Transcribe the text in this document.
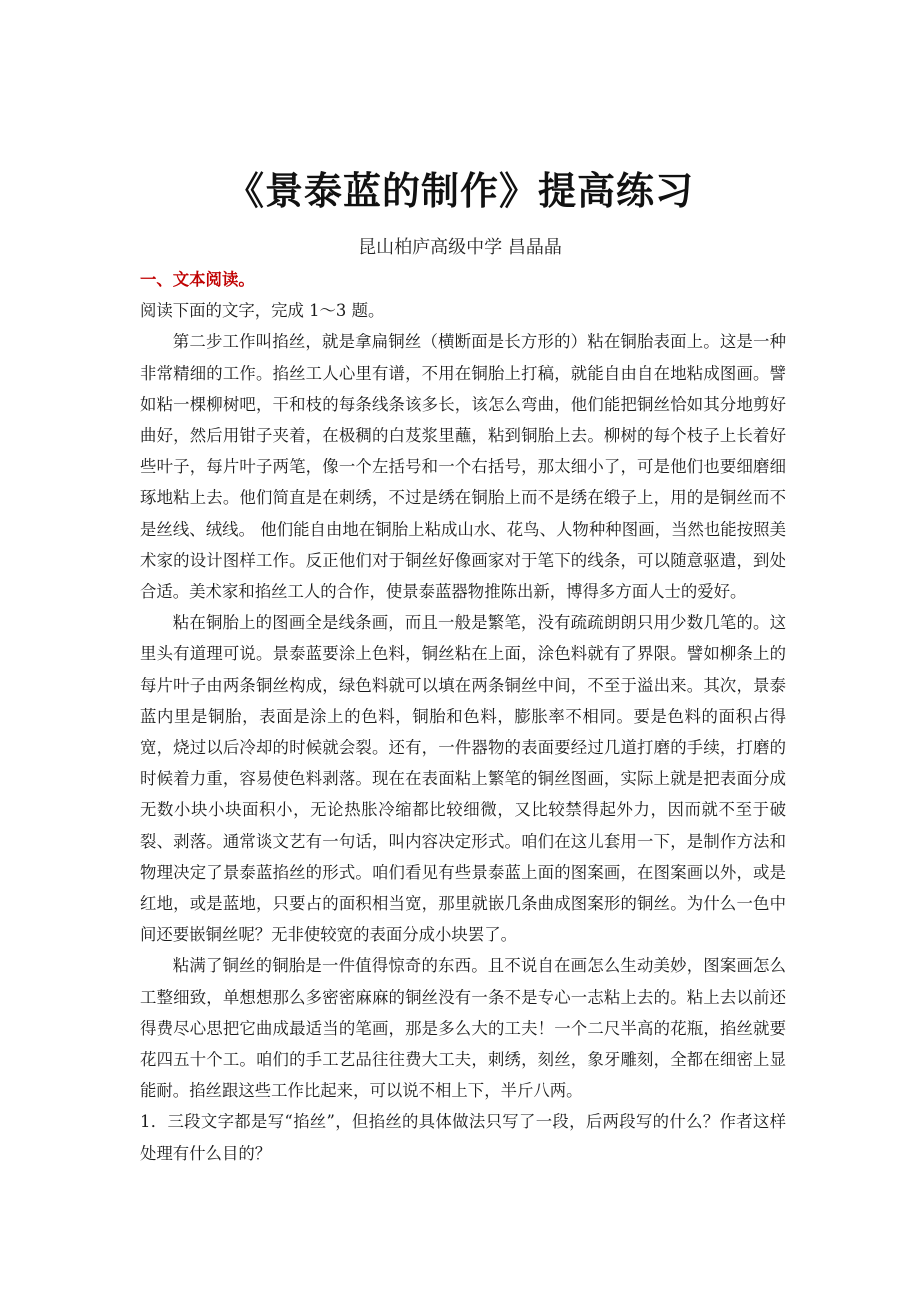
《景泰蓝的制作》提高练习
昆山柏庐高级中学 昌晶晶

一、文本阅读。

阅读下面的文字，完成 1～3 题。

第二步工作叫掐丝，就是拿扁铜丝（横断面是长方形的）粘在铜胎表面上。这是一种非常精细的工作。掐丝工人心里有谱，不用在铜胎上打稿，就能自由自在地粘成图画。譬如粘一棵柳树吧，干和枝的每条线条该多长，该怎么弯曲，他们能把铜丝恰如其分地剪好曲好，然后用钳子夹着，在极稠的白芨浆里蘸，粘到铜胎上去。柳树的每个枝子上长着好些叶子，每片叶子两笔，像一个左括号和一个右括号，那太细小了，可是他们也要细磨细琢地粘上去。他们简直是在刺绣，不过是绣在铜胎上而不是绣在缎子上，用的是铜丝而不是丝线、绒线。 他们能自由地在铜胎上粘成山水、花鸟、人物种种图画，当然也能按照美术家的设计图样工作。反正他们对于铜丝好像画家对于笔下的线条，可以随意驱遣，到处合适。美术家和掐丝工人的合作，使景泰蓝器物推陈出新，博得多方面人士的爱好。

粘在铜胎上的图画全是线条画，而且一般是繁笔，没有疏疏朗朗只用少数几笔的。这里头有道理可说。景泰蓝要涂上色料，铜丝粘在上面，涂色料就有了界限。譬如柳条上的每片叶子由两条铜丝构成，绿色料就可以填在两条铜丝中间，不至于溢出来。其次，景泰蓝内里是铜胎，表面是涂上的色料，铜胎和色料，膨胀率不相同。要是色料的面积占得宽，烧过以后冷却的时候就会裂。还有，一件器物的表面要经过几道打磨的手续，打磨的时候着力重，容易使色料剥落。现在在表面粘上繁笔的铜丝图画，实际上就是把表面分成无数小块小块面积小，无论热胀冷缩都比较细微，又比较禁得起外力，因而就不至于破裂、剥落。通常谈文艺有一句话，叫内容决定形式。咱们在这儿套用一下，是制作方法和物理决定了景泰蓝掐丝的形式。咱们看见有些景泰蓝上面的图案画，在图案画以外，或是红地，或是蓝地，只要占的面积相当宽，那里就嵌几条曲成图案形的铜丝。为什么一色中间还要嵌铜丝呢？无非使较宽的表面分成小块罢了。

粘满了铜丝的铜胎是一件值得惊奇的东西。且不说自在画怎么生动美妙，图案画怎么工整细致，单想想那么多密密麻麻的铜丝没有一条不是专心一志粘上去的。粘上去以前还得费尽心思把它曲成最适当的笔画，那是多么大的工夫！一个二尺半高的花瓶，掐丝就要花四五十个工。咱们的手工艺品往往费大工夫，刺绣，刻丝，象牙雕刻，全都在细密上显能耐。掐丝跟这些工作比起来，可以说不相上下，半斤八两。

1．三段文字都是写“掐丝”，但掐丝的具体做法只写了一段，后两段写的什么？作者这样处理有什么目的？
